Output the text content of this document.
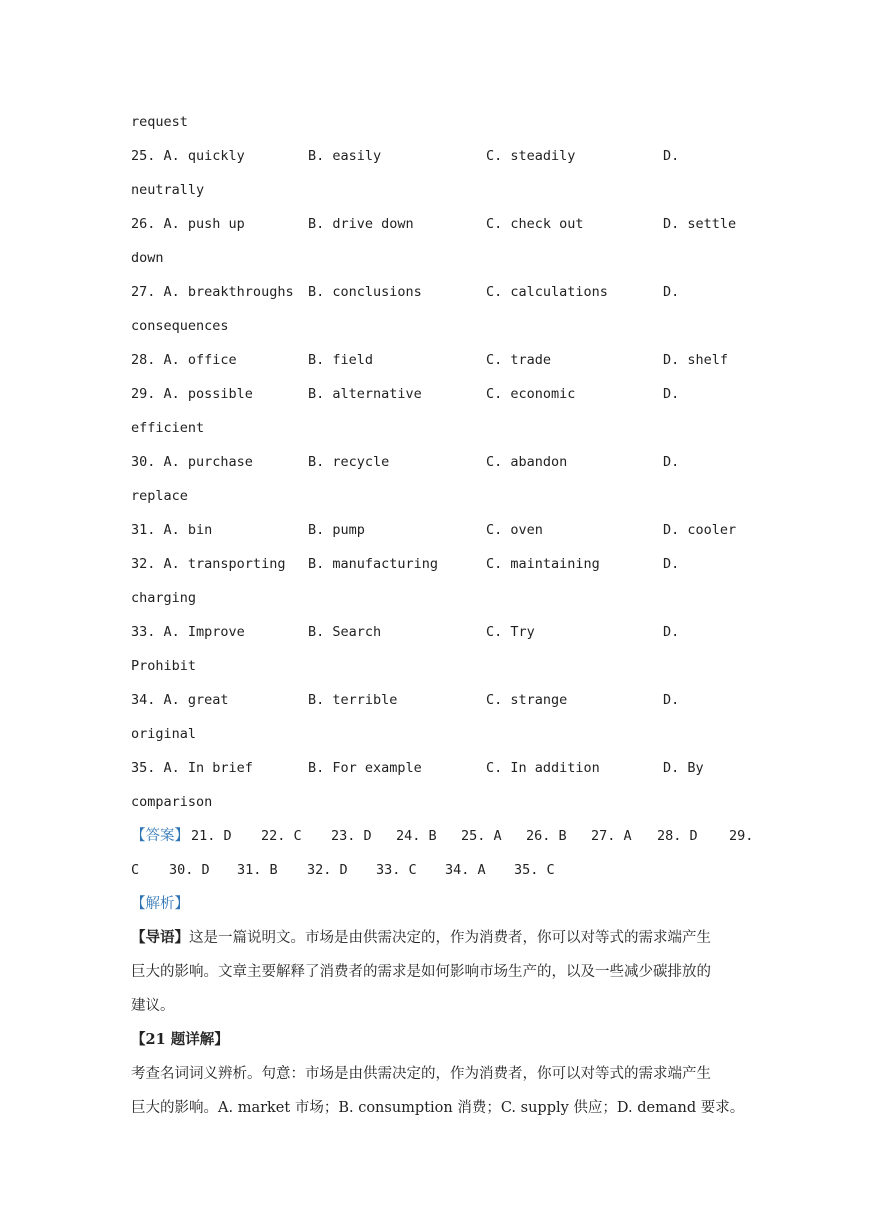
request
25. A. quickly	B. easily	C. steadily	D.
neutrally
26. A. push up	B. drive down	C. check out	D. settle
down
27. A. breakthroughs B. conclusions	C. calculations	D.
consequences
28. A. office	B. field	C. trade	D. shelf
29. A. possible	B. alternative	C. economic	D.
efficient
30. A. purchase	B. recycle	C. abandon	D.
replace
31. A. bin	B. pump	C. oven	D. cooler
32. A. transporting B. manufacturing	C. maintaining	D.
charging
33. A. Improve	B. Search	C. Try	D.
Prohibit
34. A. great	B. terrible	C. strange	D.
original
35. A. In brief	B. For example	C. In addition	D. By
comparison
【答案】 21. D 22. C 23. D 24. B 25. A 26. B 27. A 28. D 29.
C 30. D 31. B 32. D 33. C 34. A 35. C
【解析】
【导语】这是一篇说明文。市场是由供需决定的，作为消费者，你可以对等式的需求端产生
巨大的影响。文章主要解释了消费者的需求是如何影响市场生产的，以及一些减少碳排放的
建议。
【21 题详解】
考查名词词义辨析。句意：市场是由供需决定的，作为消费者，你可以对等式的需求端产生
巨大的影响。A. market 市场；B. consumption 消费；C. supply 供应；D. demand 要求。
